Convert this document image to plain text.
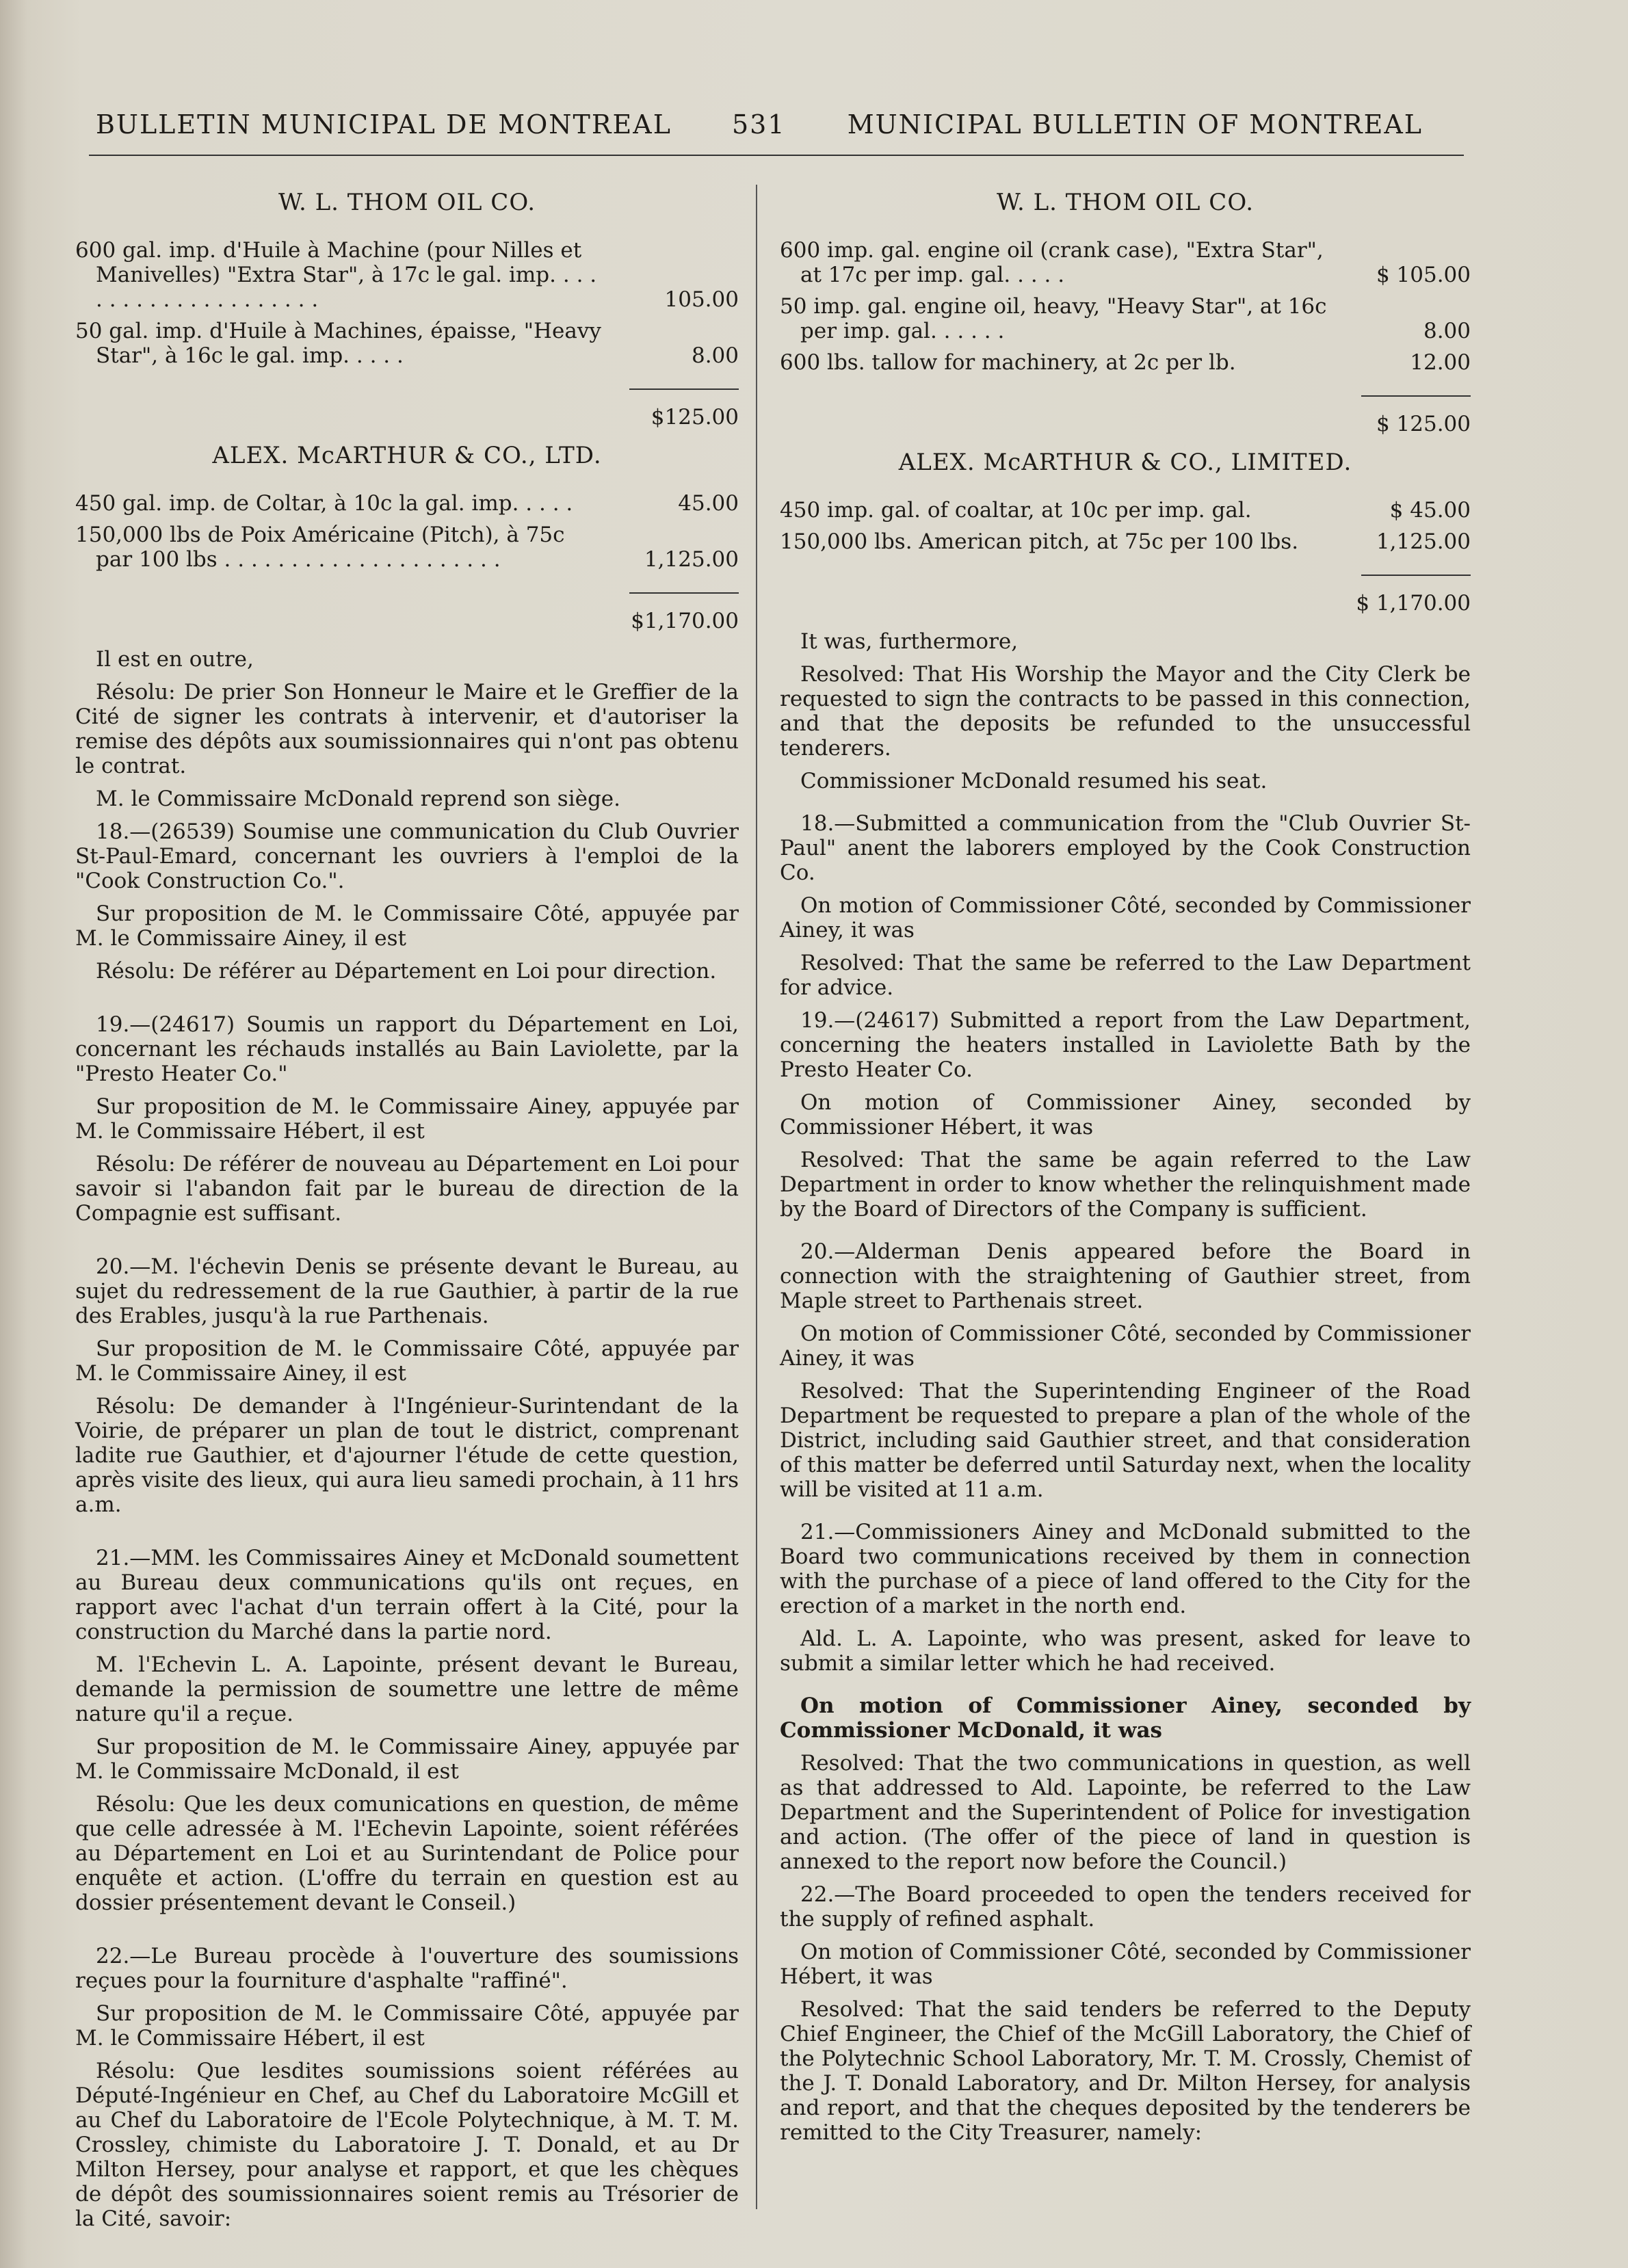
BULLETIN MUNICIPAL DE MONTREAL 531 MUNICIPAL BULLETIN OF MONTREAL
W. L. THOM OIL CO.
600 gal. imp. d'Huile à Machine (pour Nilles et Manivelles) "Extra Star", à 17c le gal. imp. . . . . . . . . . . . . . . . . . . . .	105.00
50 gal. imp. d'Huile à Machines, épaisse, "Heavy Star", à 16c le gal. imp. . . . .	8.00
$125.00
ALEX. McARTHUR & CO., LTD.
450 gal. imp. de Coltar, à 10c la gal. imp. . . . .	45.00
150,000 lbs de Poix Américaine (Pitch), à 75c par 100 lbs . . . . . . . . . . . . . . . . . . . . .	1,125.00
$1,170.00

Il est en outre,

Résolu: De prier Son Honneur le Maire et le Greffier de la Cité de signer les contrats à intervenir, et d'autoriser la remise des dépôts aux soumissionnaires qui n'ont pas obtenu le contrat.

M. le Commissaire McDonald reprend son siège.

18.—(26539) Soumise une communication du Club Ouvrier St-Paul-Emard, concernant les ouvriers à l'emploi de la "Cook Construction Co.".

Sur proposition de M. le Commissaire Côté, appuyée par M. le Commissaire Ainey, il est

Résolu: De référer au Département en Loi pour direction.

19.—(24617) Soumis un rapport du Département en Loi, concernant les réchauds installés au Bain Laviolette, par la "Presto Heater Co."

Sur proposition de M. le Commissaire Ainey, appuyée par M. le Commissaire Hébert, il est

Résolu: De référer de nouveau au Département en Loi pour savoir si l'abandon fait par le bureau de direction de la Compagnie est suffisant.

20.—M. l'échevin Denis se présente devant le Bureau, au sujet du redressement de la rue Gauthier, à partir de la rue des Erables, jusqu'à la rue Parthenais.

Sur proposition de M. le Commissaire Côté, appuyée par M. le Commissaire Ainey, il est

Résolu: De demander à l'Ingénieur-Surintendant de la Voirie, de préparer un plan de tout le district, comprenant ladite rue Gauthier, et d'ajourner l'étude de cette question, après visite des lieux, qui aura lieu samedi prochain, à 11 hrs a.m.

21.—MM. les Commissaires Ainey et McDonald soumettent au Bureau deux communications qu'ils ont reçues, en rapport avec l'achat d'un terrain offert à la Cité, pour la construction du Marché dans la partie nord.

M. l'Echevin L. A. Lapointe, présent devant le Bureau, demande la permission de soumettre une lettre de même nature qu'il a reçue.

Sur proposition de M. le Commissaire Ainey, appuyée par M. le Commissaire McDonald, il est

Résolu: Que les deux comunications en question, de même que celle adressée à M. l'Echevin Lapointe, soient référées au Département en Loi et au Surintendant de Police pour enquête et action. (L'offre du terrain en question est au dossier présentement devant le Conseil.)

22.—Le Bureau procède à l'ouverture des soumissions reçues pour la fourniture d'asphalte "raffiné".

Sur proposition de M. le Commissaire Côté, appuyée par M. le Commissaire Hébert, il est

Résolu: Que lesdites soumissions soient référées au Député-Ingénieur en Chef, au Chef du Laboratoire McGill et au Chef du Laboratoire de l'Ecole Polytechnique, à M. T. M. Crossley, chimiste du Laboratoire J. T. Donald, et au Dr Milton Hersey, pour analyse et rapport, et que les chèques de dépôt des soumissionnaires soient remis au Trésorier de la Cité, savoir:

W. L. THOM OIL CO.
600 imp. gal. engine oil (crank case), "Extra Star", at 17c per imp. gal. . . . .	$ 105.00
50 imp. gal. engine oil, heavy, "Heavy Star", at 16c per imp. gal. . . . . .	8.00
600 lbs. tallow for machinery, at 2c per lb.	12.00
$ 125.00
ALEX. McARTHUR & CO., LIMITED.
450 imp. gal. of coaltar, at 10c per imp. gal.	$ 45.00
150,000 lbs. American pitch, at 75c per 100 lbs.	1,125.00
$ 1,170.00

It was, furthermore,

Resolved: That His Worship the Mayor and the City Clerk be requested to sign the contracts to be passed in this connection, and that the deposits be refunded to the unsuccessful tenderers.

Commissioner McDonald resumed his seat.

18.—Submitted a communication from the "Club Ouvrier St-Paul" anent the laborers employed by the Cook Construction Co.

On motion of Commissioner Côté, seconded by Commissioner Ainey, it was

Resolved: That the same be referred to the Law Department for advice.

19.—(24617) Submitted a report from the Law Department, concerning the heaters installed in Laviolette Bath by the Presto Heater Co.

On motion of Commissioner Ainey, seconded by Commissioner Hébert, it was

Resolved: That the same be again referred to the Law Department in order to know whether the relinquishment made by the Board of Directors of the Company is sufficient.

20.—Alderman Denis appeared before the Board in connection with the straightening of Gauthier street, from Maple street to Parthenais street.

On motion of Commissioner Côté, seconded by Commissioner Ainey, it was

Resolved: That the Superintending Engineer of the Road Department be requested to prepare a plan of the whole of the District, including said Gauthier street, and that consideration of this matter be deferred until Saturday next, when the locality will be visited at 11 a.m.

21.—Commissioners Ainey and McDonald submitted to the Board two communications received by them in connection with the purchase of a piece of land offered to the City for the erection of a market in the north end.

Ald. L. A. Lapointe, who was present, asked for leave to submit a similar letter which he had received.

On motion of Commissioner Ainey, seconded by Commissioner McDonald, it was

Resolved: That the two communications in question, as well as that addressed to Ald. Lapointe, be referred to the Law Department and the Superintendent of Police for investigation and action. (The offer of the piece of land in question is annexed to the report now before the Council.)

22.—The Board proceeded to open the tenders received for the supply of refined asphalt.

On motion of Commissioner Côté, seconded by Commissioner Hébert, it was

Resolved: That the said tenders be referred to the Deputy Chief Engineer, the Chief of the McGill Laboratory, the Chief of the Polytechnic School Laboratory, Mr. T. M. Crossly, Chemist of the J. T. Donald Laboratory, and Dr. Milton Hersey, for analysis and report, and that the cheques deposited by the tenderers be remitted to the City Treasurer, namely:
